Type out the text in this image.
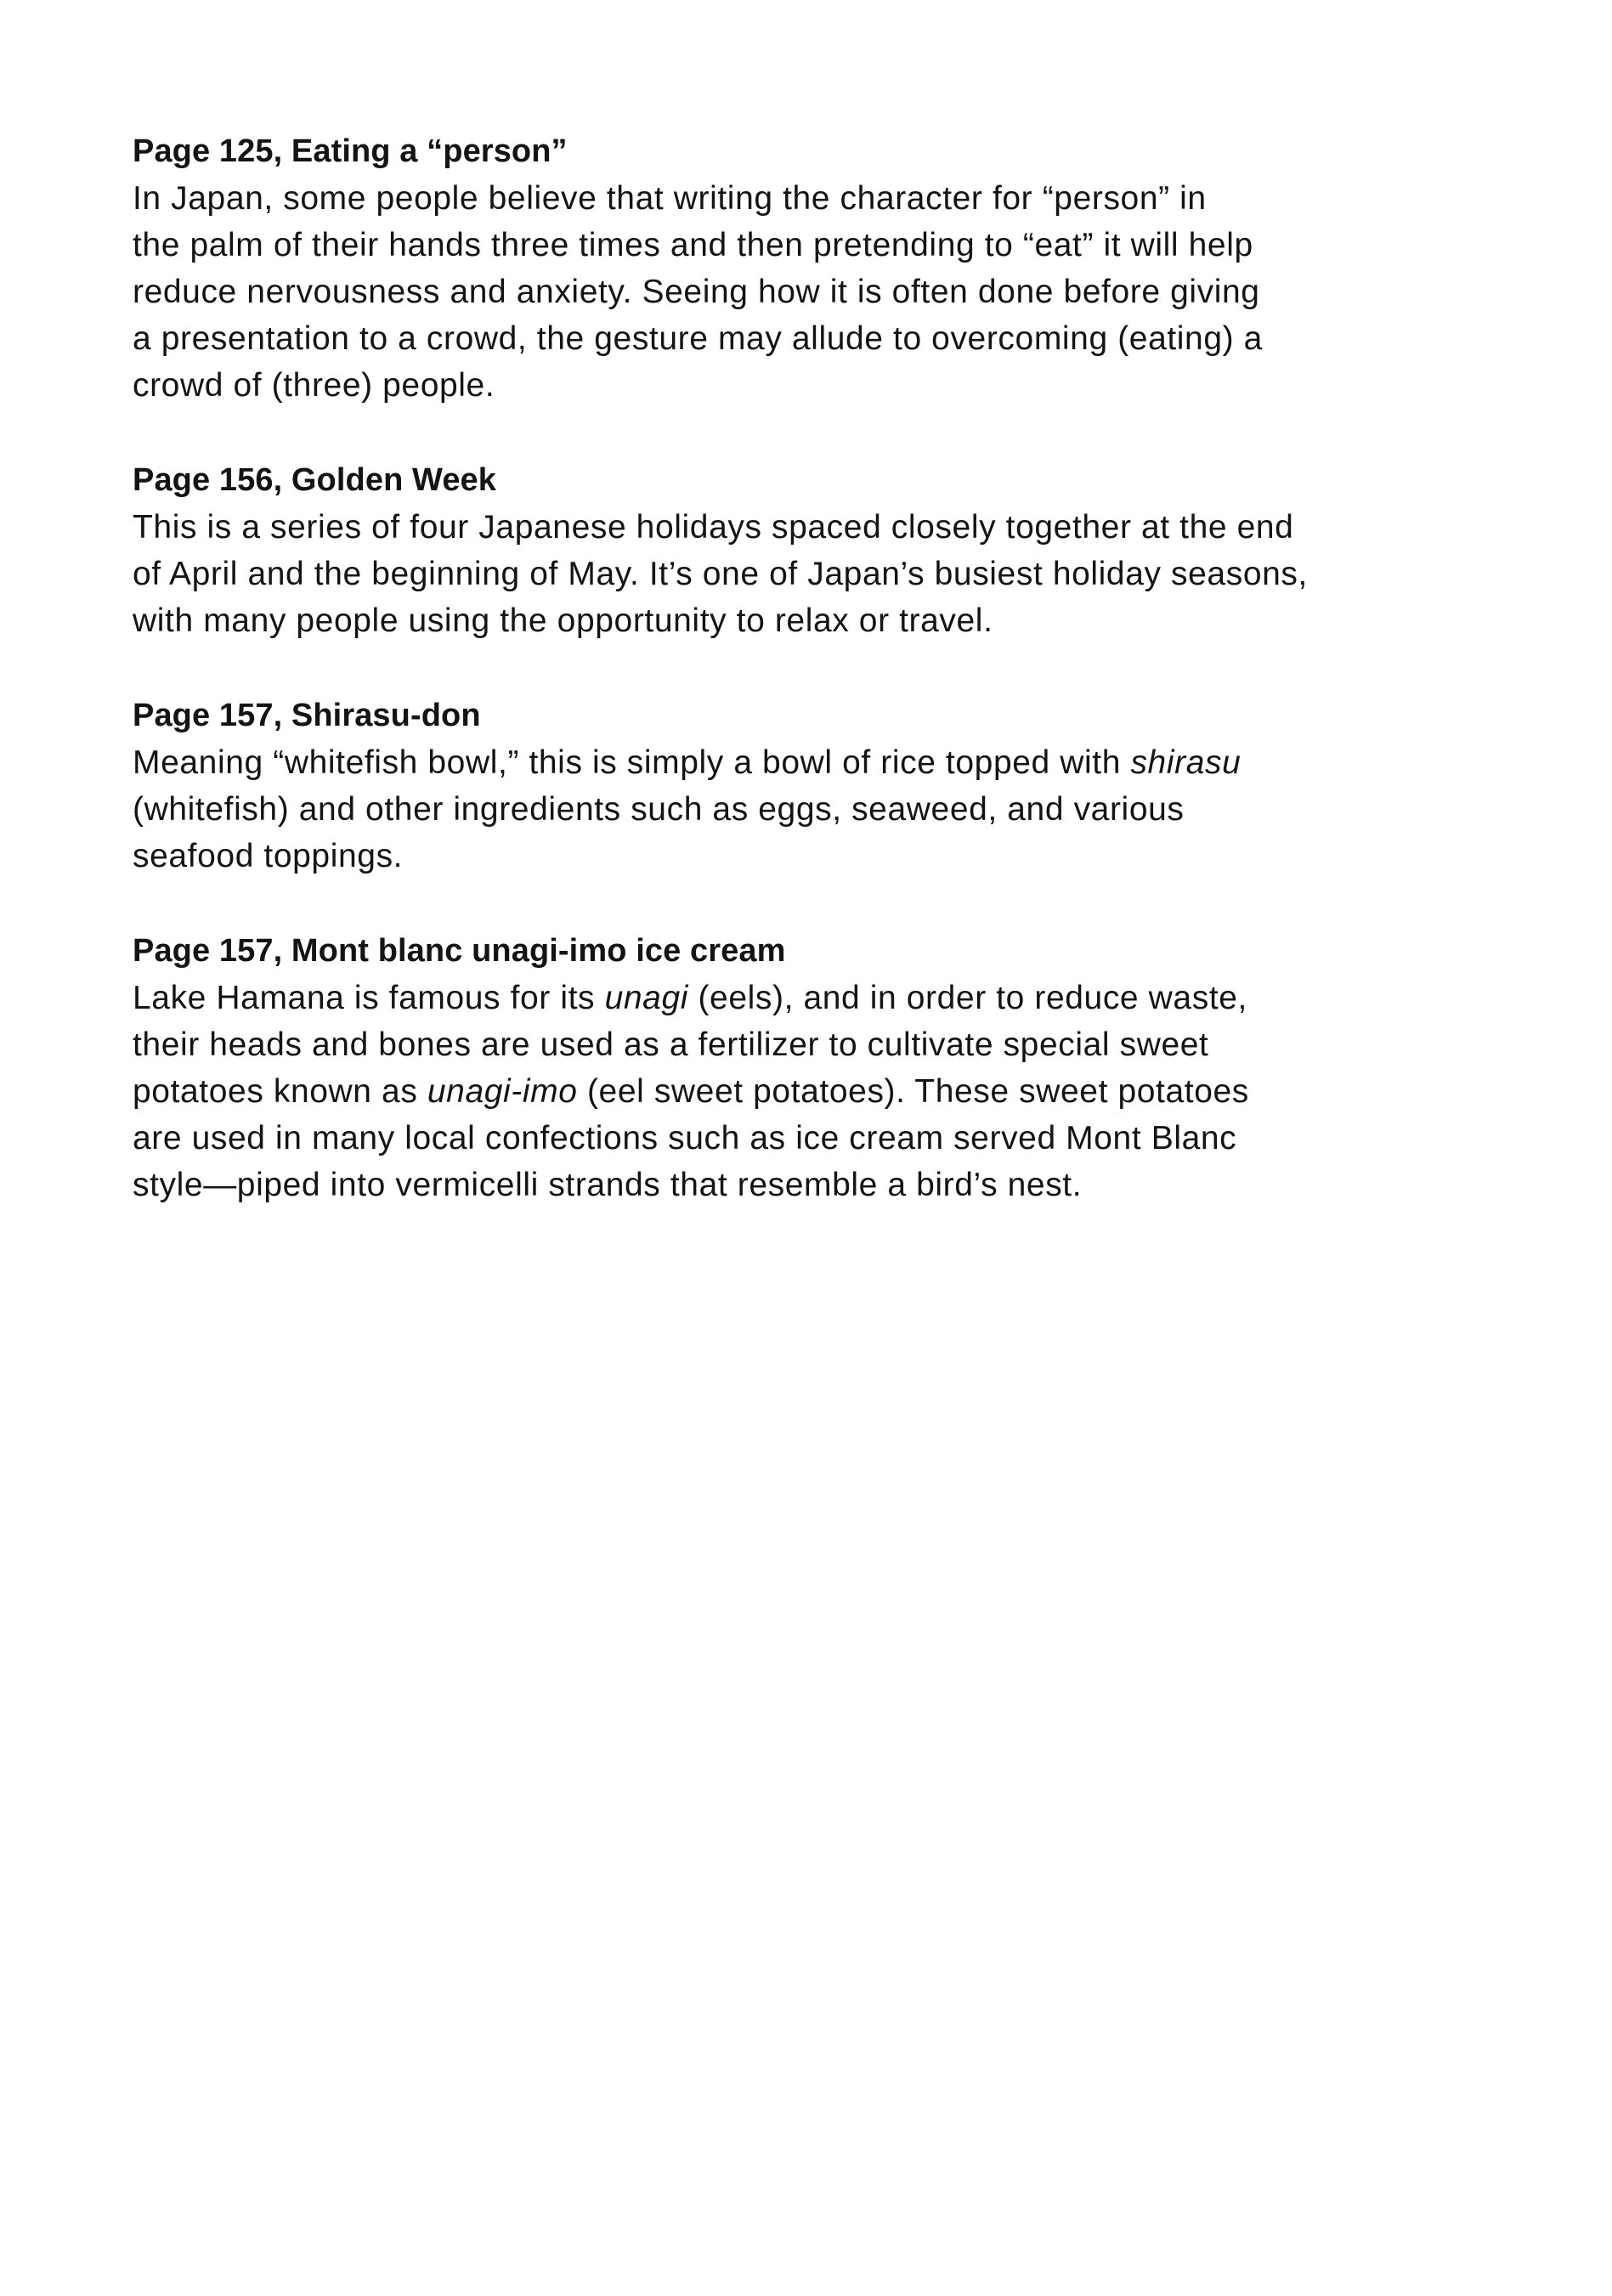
Page 125, Eating a “person”

In Japan, some people believe that writing the character for “person” in
the palm of their hands three times and then pretending to “eat” it will help
reduce nervousness and anxiety. Seeing how it is often done before giving
a presentation to a crowd, the gesture may allude to overcoming (eating) a
crowd of (three) people.

Page 156, Golden Week

This is a series of four Japanese holidays spaced closely together at the end
of April and the beginning of May. It’s one of Japan’s busiest holiday seasons,
with many people using the opportunity to relax or travel.

Page 157, Shirasu-don

Meaning “whitefish bowl,” this is simply a bowl of rice topped with shirasu
(whitefish) and other ingredients such as eggs, seaweed, and various
seafood toppings.

Page 157, Mont blanc unagi-imo ice cream

Lake Hamana is famous for its unagi (eels), and in order to reduce waste,
their heads and bones are used as a fertilizer to cultivate special sweet
potatoes known as unagi-imo (eel sweet potatoes). These sweet potatoes
are used in many local confections such as ice cream served Mont Blanc
style—piped into vermicelli strands that resemble a bird’s nest.
